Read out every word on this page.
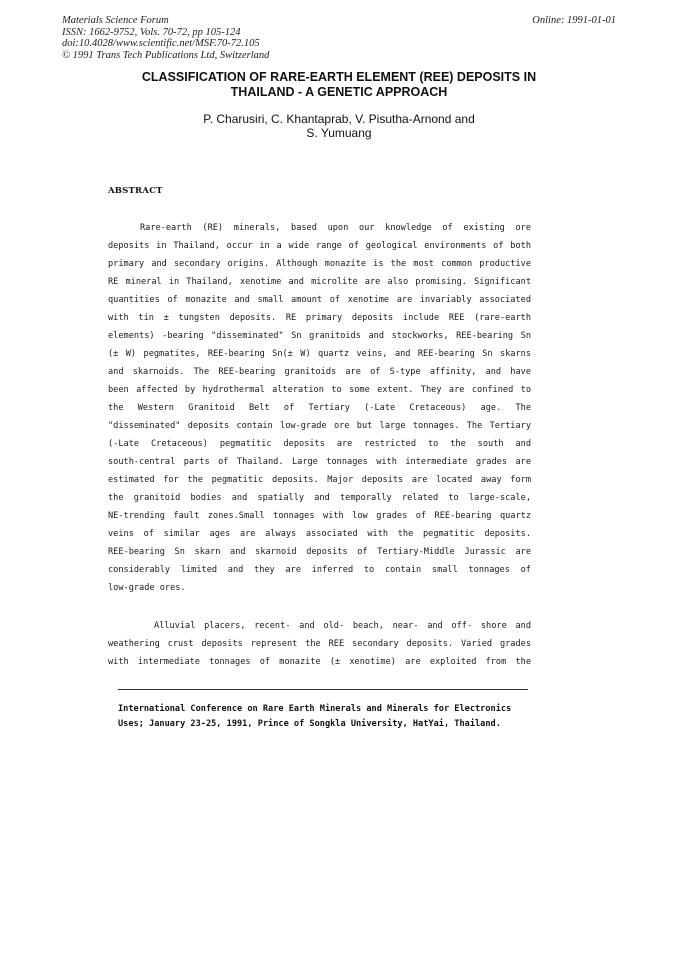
Materials Science Forum
ISSN: 1662-9752, Vols. 70-72, pp 105-124
doi:10.4028/www.scientific.net/MSF.70-72.105
© 1991 Trans Tech Publications Ltd, Switzerland
Online: 1991-01-01
CLASSIFICATION OF RARE-EARTH ELEMENT (REE) DEPOSITS IN
THAILAND - A GENETIC APPROACH
P. Charusiri, C. Khantaprab, V. Pisutha-Arnond and
S. Yumuang
ABSTRACT
Rare-earth (RE) minerals, based upon our knowledge of existing ore
deposits in Thailand, occur in a wide range of geological environments of both
primary and secondary origins. Although monazite is the most common productive
RE mineral in Thailand, xenotime and microlite are also promising. Significant
quantities of monazite and small amount of xenotime are invariably associated
with tin ± tungsten deposits. RE primary deposits include REE (rare-earth
elements) -bearing "disseminated" Sn granitoids and stockworks, REE-bearing Sn
(± W) pegmatites, REE-bearing Sn(± W) quartz veins, and REE-bearing Sn skarns
and skarnoids. The REE-bearing granitoids are of S-type affinity, and have
been affected by hydrothermal alteration to some extent. They are confined to
the Western Granitoid Belt of Tertiary (-Late Cretaceous) age. The
"disseminated" deposits contain low-grade ore but large tonnages. The Tertiary
(-Late Cretaceous) pegmatitic deposits are restricted to the south and
south-central parts of Thailand. Large tonnages with intermediate grades are
estimated for the pegmatitic deposits. Major deposits are located away form
the granitoid bodies and spatially and temporally related to large-scale,
NE-trending fault zones.Small tonnages with low grades of REE-bearing quartz
veins of similar ages are always associated with the pegmatitic deposits.
REE-bearing Sn skarn and skarnoid deposits of Tertiary-Middle Jurassic are
considerably limited and they are inferred to contain small tonnages of
low-grade ores.
Alluvial placers, recent- and old- beach, near- and off- shore and
weathering crust deposits represent the REE secondary deposits. Varied grades
with intermediate tonnages of monazite (± xenotime) are exploited from the
International Conference on Rare Earth Minerals and Minerals for Electronics
Uses; January 23-25, 1991, Prince of Songkla University, HatYai, Thailand.
